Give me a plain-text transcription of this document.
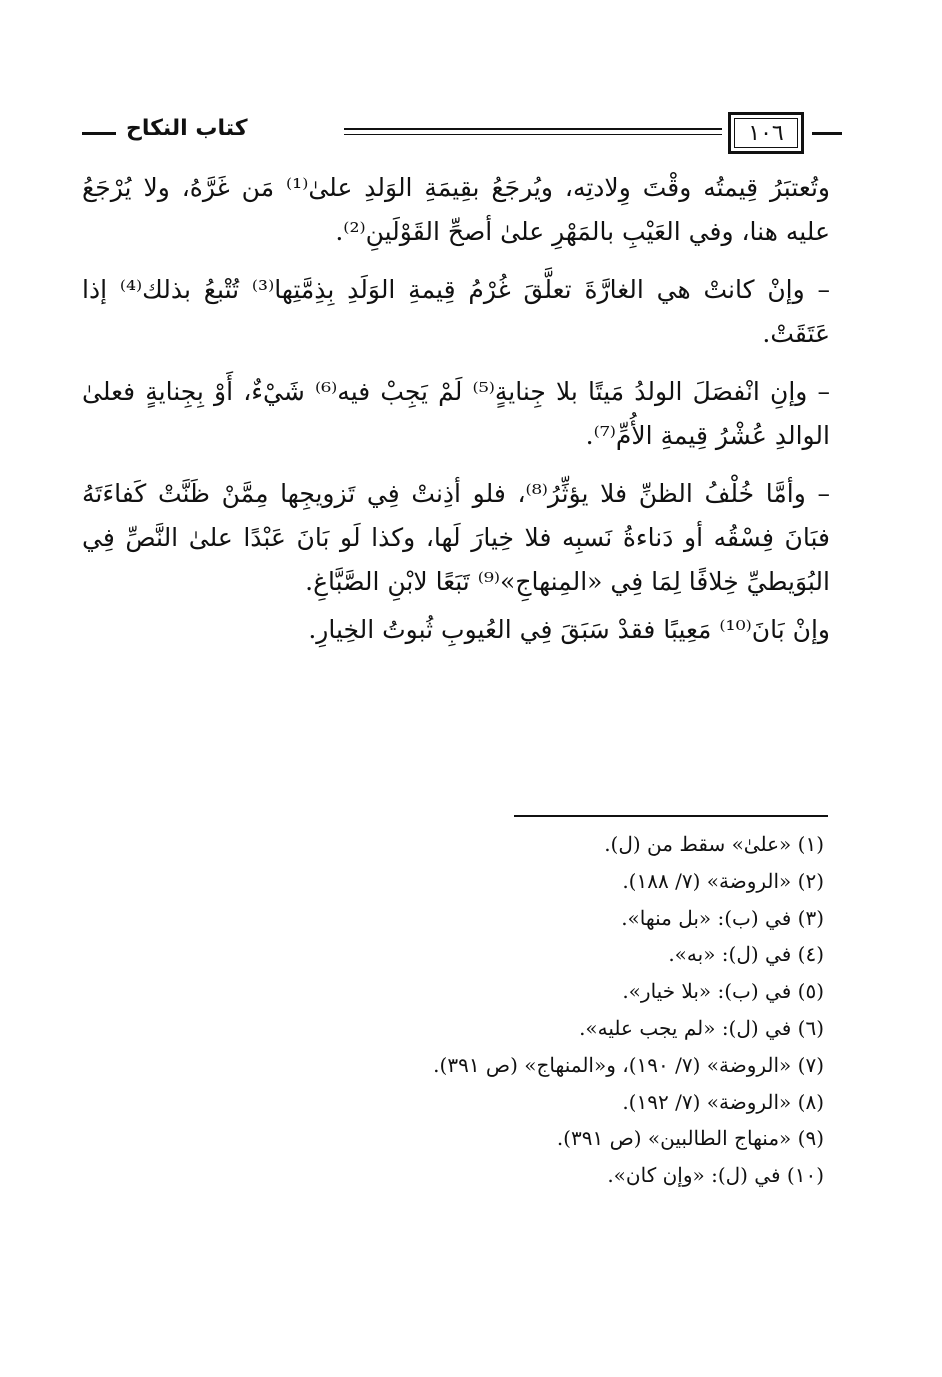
كتاب النكاح	١٠٦

وتُعتبَرُ قِيمتُه وقْتَ وِلادتِه، ويُرجَعُ بقِيمَةِ الوَلدِ علىٰ⁽¹⁾ مَن غَرَّهُ، ولا يُرْجَعُ عليه هنا، وفي العَيْبِ بالمَهْرِ علىٰ أصحِّ القَوْلَينِ⁽²⁾.

– وإنْ كانتْ هي الغارَّةَ تعلَّقَ غُرْمُ قِيمةِ الوَلَدِ بِذِمَّتِها⁽³⁾ تُتْبعُ بذلك⁽⁴⁾ إذا عَتَقَتْ.

– وإنِ انْفصَلَ الولدُ مَيتًا بلا جِنايةٍ⁽⁵⁾ لَمْ يَجِبْ فيه⁽⁶⁾ شَيْءٌ، أَوْ بِجِنايةٍ فعلىٰ الوالدِ عُشْرُ قِيمةِ الأُمِّ⁽⁷⁾.

– وأمَّا خُلْفُ الظنِّ فلا يؤثِّرُ⁽⁸⁾، فلو أذِنتْ فِي تَزويجِها مِمَّنْ ظَنَّتْ كَفاءَتَهُ فبَانَ فِسْقُه أو دَناءةُ نَسبِه فلا خِيارَ لَها، وكذا لَو بَانَ عَبْدًا علىٰ النَّصِّ فِي البُوَيطيِّ خِلافًا لِمَا فِي «المِنهاجِ»⁽⁹⁾ تَبَعًا لابْنِ الصَّبَّاغِ.

وإنْ بَانَ⁽¹⁰⁾ مَعِيبًا فقدْ سَبَقَ فِي العُيوبِ ثُبوتُ الخِيارِ.

(١) «علىٰ» سقط من (ل).
(٢) «الروضة» (٧/ ١٨٨).
(٣) في (ب): «بل منها».
(٤) في (ل): «به».
(٥) في (ب): «بلا خيار».
(٦) في (ل): «لم يجب عليه».
(٧) «الروضة» (٧/ ١٩٠)، و«المنهاج» (ص ٣٩١).
(٨) «الروضة» (٧/ ١٩٢).
(٩) «منهاج الطالبين» (ص ٣٩١).
(١٠) في (ل): «وإن كان».
